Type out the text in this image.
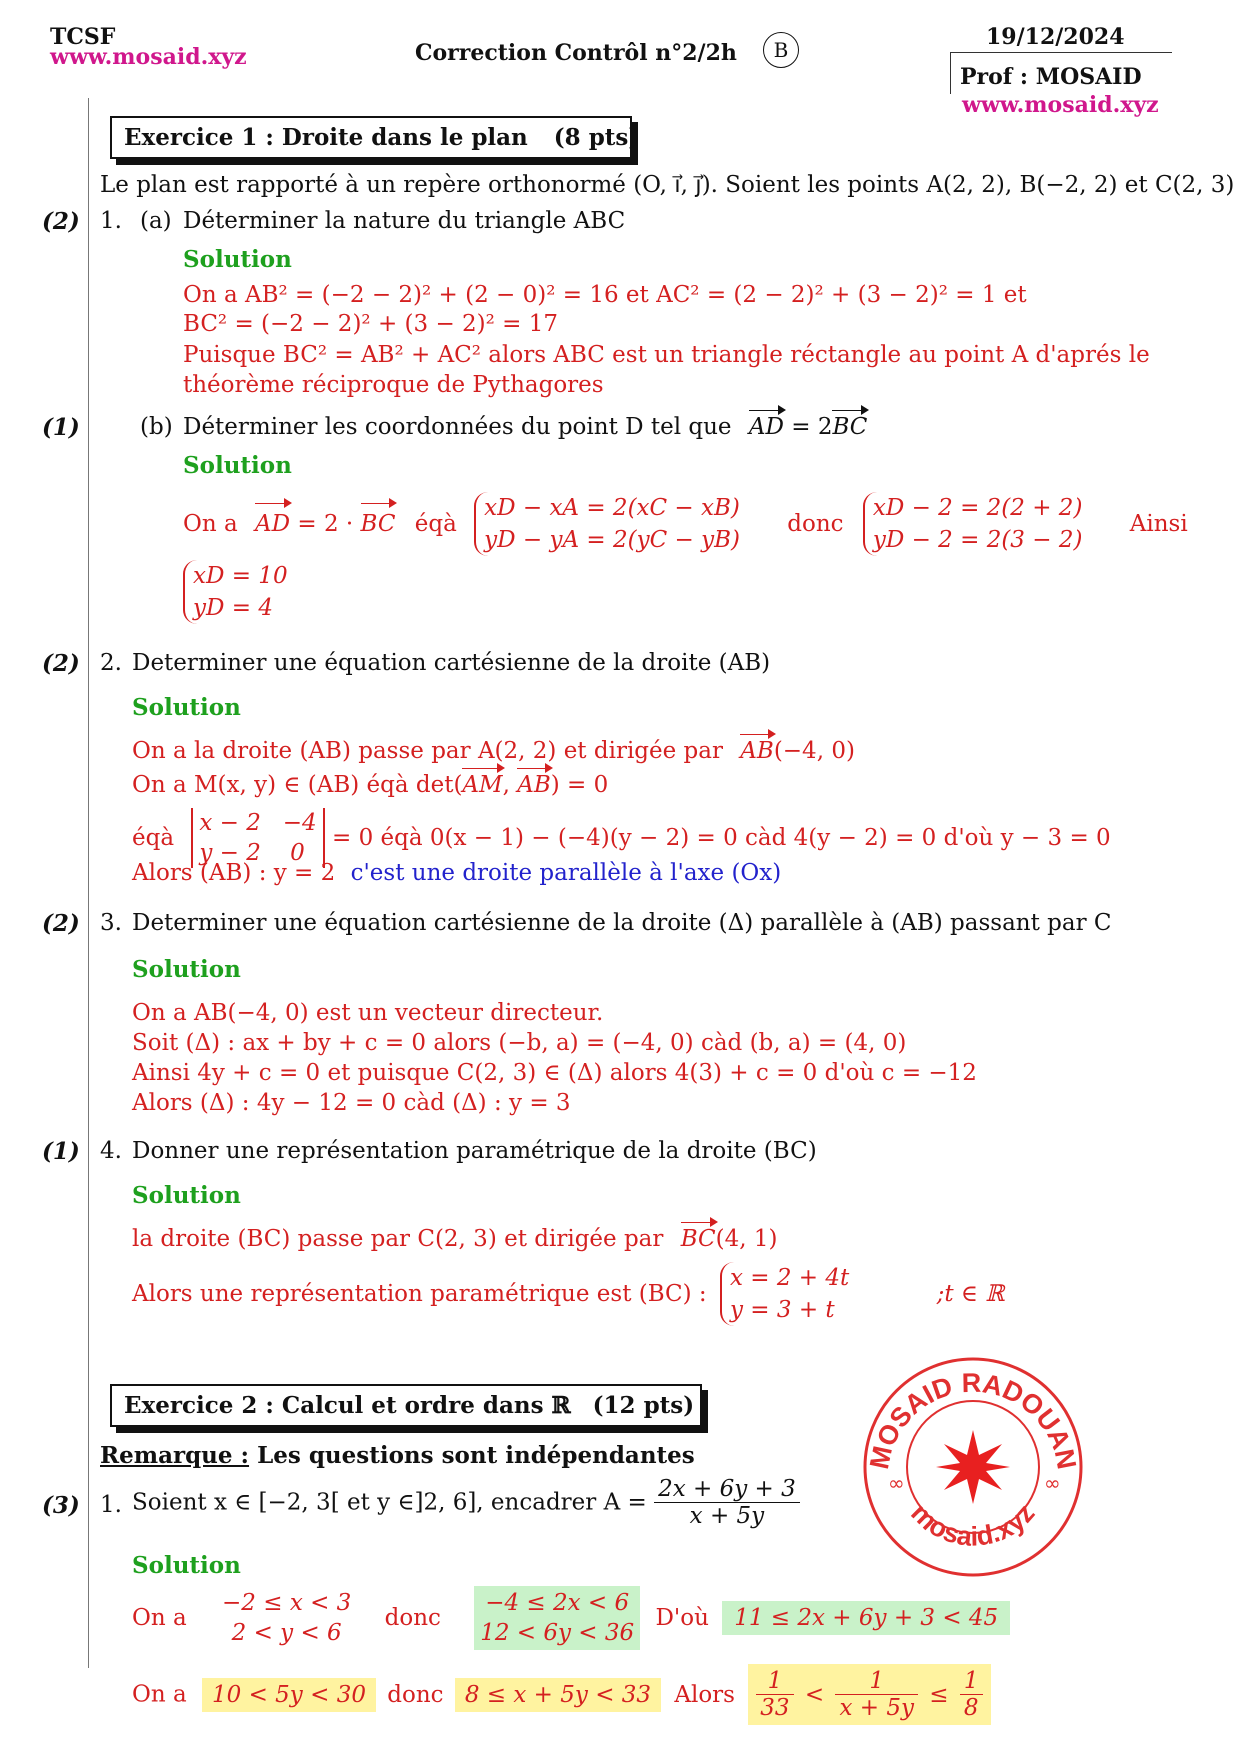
TCSF
www.mosaid.xyz	Correction Contrôl n°2/2h	B	19/12/2024
Prof : MOSAID
www.mosaid.xyz
Exercice 1 : Droite dans le plan (8 pts)
Le plan est rapporté à un repère orthonormé (O, i⃗, j⃗). Soient les points A(2, 2), B(−2, 2) et C(2, 3)
(2) 1. (a) Déterminer la nature du triangle ABC
Solution
On a AB² = (−2 − 2)² + (2 − 0)² = 16 et AC² = (2 − 2)² + (3 − 2)² = 1 et
BC² = (−2 − 2)² + (3 − 2)² = 17
Puisque BC² = AB² + AC² alors ABC est un triangle réctangle au point A d'aprés le
théorème réciproque de Pythagores
(1)	(b) Déterminer les coordonnées du point D tel que AD = 2BC
Solution
On a AD = 2 · BC éqà
xD − xA = 2(xC − xB)
yD − yA = 2(yC − yB)
donc
xD − 2 = 2(2 + 2)
yD − 2 = 2(3 − 2)
Ainsi
xD = 10
yD = 4
(2) 2. Determiner une équation cartésienne de la droite (AB)
Solution
On a la droite (AB) passe par A(2, 2) et dirigée par AB(−4, 0)
On a M(x, y) ∈ (AB) éqà det(AM, AB) = 0
éqà
x − 2   −4
y − 2    0
= 0 éqà 0(x − 1) − (−4)(y − 2) = 0 càd 4(y − 2) = 0 d'où y − 3 = 0
Alors (AB) : y = 2 c'est une droite parallèle à l'axe (Ox)
(2) 3. Determiner une équation cartésienne de la droite (Δ) parallèle à (AB) passant par C
Solution
On a AB(−4, 0) est un vecteur directeur.
Soit (Δ) : ax + by + c = 0 alors (−b, a) = (−4, 0) càd (b, a) = (4, 0)
Ainsi 4y + c = 0 et puisque C(2, 3) ∈ (Δ) alors 4(3) + c = 0 d'où c = −12
Alors (Δ) : 4y − 12 = 0 càd (Δ) : y = 3
(1) 4. Donner une représentation paramétrique de la droite (BC)
Solution
la droite (BC) passe par C(2, 3) et dirigée par BC(4, 1)
Alors une représentation paramétrique est (BC) :
x = 2 + 4t
y = 3 + t
;t ∈ ℝ
Exercice 2 : Calcul et ordre dans ℝ (12 pts)
Remarque : Les questions sont indépendantes
(3) 1. Soient x ∈ [−2, 3[ et y ∈]2, 6], encadrer $A = \frac{2x + 6y + 3}{x + 5y}$
Solution
On a
−2 ≤ x < 3
2 < y < 6
donc
−4 ≤ 2x < 6
12 < 6y < 36
D'où 11 ≤ 2x + 6y + 3 < 45
On a 10 < 5y < 30 donc 8 ≤ x + 5y < 33 Alors $\frac{1}{33} < \frac{1}{x + 5y} \le \frac{1}{8}$
MOSAID RADOUAN
mosaid.xyz
∞	∞
